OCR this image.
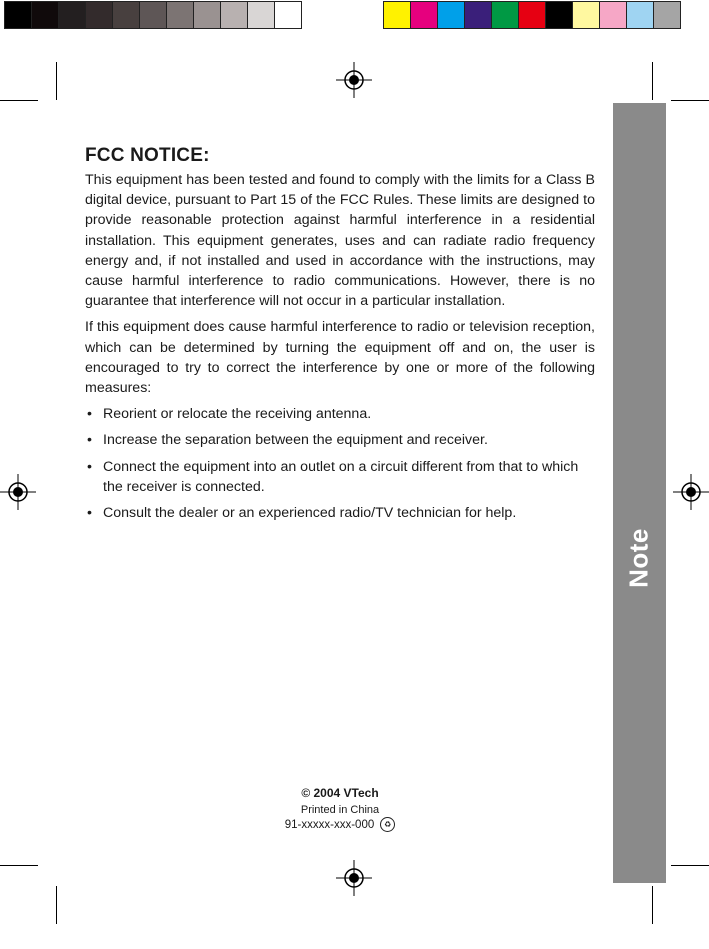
Note
11
FCC NOTICE:

This equipment has been tested and found to comply with the limits for a Class B digital device, pursuant to Part 15 of the FCC Rules. These limits are designed to provide reasonable protection against harmful interference in a residential installation. This equipment generates, uses and can radiate radio frequency energy and, if not installed and used in accordance with the instructions, may cause harmful interference to radio communications. However, there is no guarantee that interference will not occur in a particular installation.

If this equipment does cause harmful interference to radio or television reception, which can be determined by turning the equipment off and on, the user is encouraged to try to correct the interference by one or more of the following measures:

• Reorient or relocate the receiving antenna.
• Increase the separation between the equipment and receiver.
• Connect the equipment into an outlet on a circuit different from that to which the receiver is connected.
• Consult the dealer or an experienced radio/TV technician for help.
© 2004 VTech
Printed in China
91-xxxxx-xxx-000	♻
